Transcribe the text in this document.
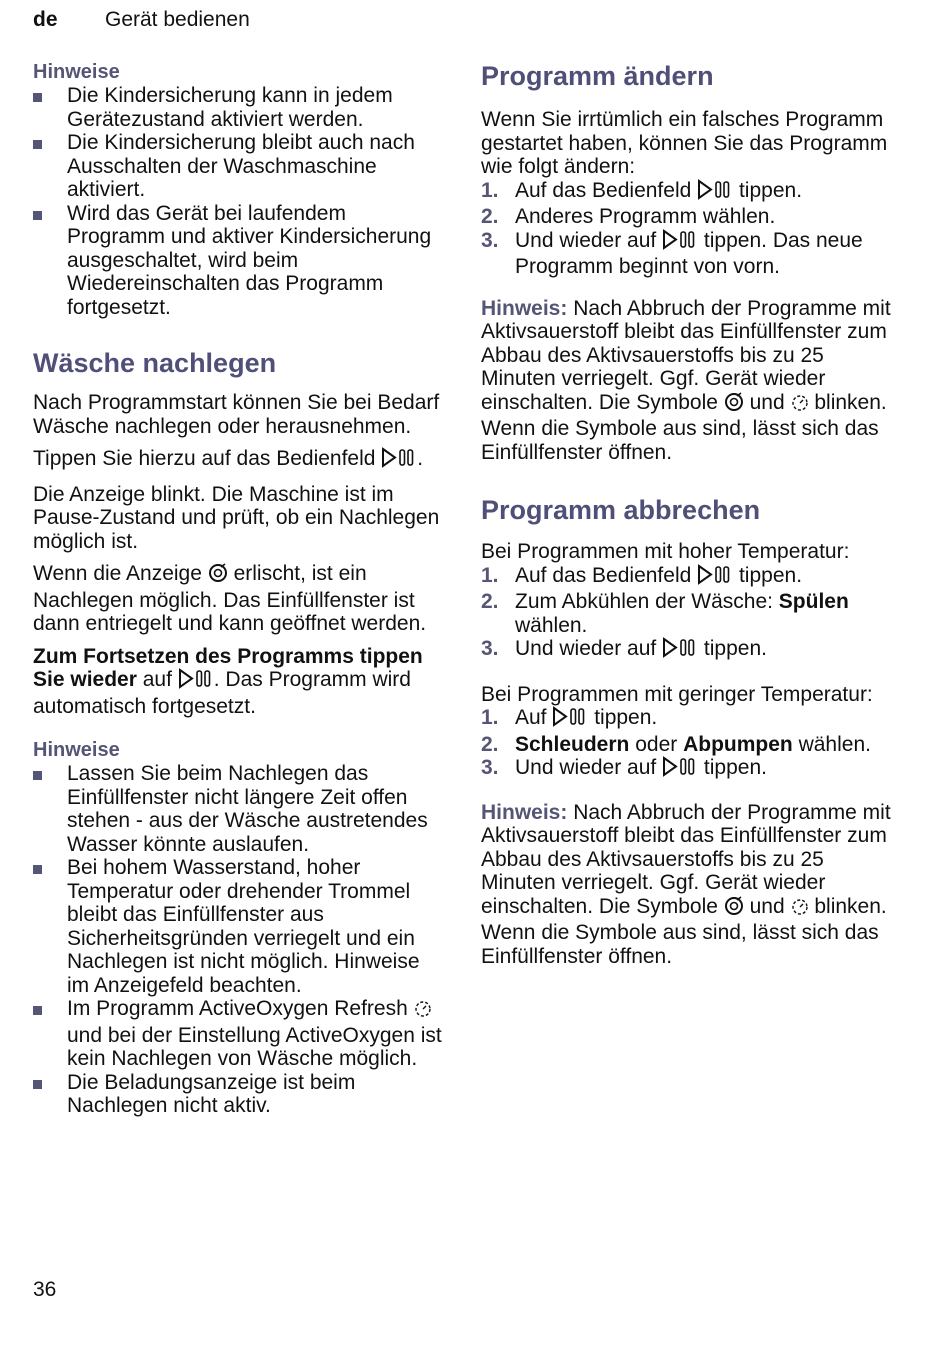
de Gerät bedienen
Hinweise
Die Kindersicherung kann in jedem Gerätezustand aktiviert werden.
Die Kindersicherung bleibt auch nach Ausschalten der Waschmaschine aktiviert.
Wird das Gerät bei laufendem Programm und aktiver Kindersicherung ausgeschaltet, wird beim Wiedereinschalten das Programm fortgesetzt.
Wäsche nachlegen

Nach Programmstart können Sie bei Bedarf Wäsche nachlegen oder herausnehmen.

Tippen Sie hierzu auf das Bedienfeld .

Die Anzeige blinkt. Die Maschine ist im Pause-Zustand und prüft, ob ein Nachlegen möglich ist.

Wenn die Anzeige  erlischt, ist ein Nachlegen möglich. Das Einfüllfenster ist dann entriegelt und kann geöffnet werden.

Zum Fortsetzen des Programms tippen Sie wieder auf . Das Programm wird automatisch fortgesetzt.

Hinweise
Lassen Sie beim Nachlegen das Einfüllfenster nicht längere Zeit offen stehen - aus der Wäsche austretendes Wasser könnte auslaufen.
Bei hohem Wasserstand, hoher Temperatur oder drehender Trommel bleibt das Einfüllfenster aus Sicherheitsgründen verriegelt und ein Nachlegen ist nicht möglich. Hinweise im Anzeigefeld beachten.
Im Programm ActiveOxygen Refresh  und bei der Einstellung ActiveOxygen ist kein Nachlegen von Wäsche möglich.
Die Beladungsanzeige ist beim Nachlegen nicht aktiv.
Programm ändern

Wenn Sie irrtümlich ein falsches Programm gestartet haben, können Sie das Programm wie folgt ändern:

1. Auf das Bedienfeld  tippen.
2. Anderes Programm wählen.
3. Und wieder auf  tippen. Das neue Programm beginnt von vorn.

Hinweis: Nach Abbruch der Programme mit Aktivsauerstoff bleibt das Einfüllfenster zum Abbau des Aktivsauerstoffs bis zu 25 Minuten verriegelt. Ggf. Gerät wieder einschalten. Die Symbole  und  blinken. Wenn die Symbole aus sind, lässt sich das Einfüllfenster öffnen.

Programm abbrechen

Bei Programmen mit hoher Temperatur:

1. Auf das Bedienfeld  tippen.
2. Zum Abkühlen der Wäsche: Spülen wählen.
3. Und wieder auf  tippen.

Bei Programmen mit geringer Temperatur:

1. Auf  tippen.
2. Schleudern oder Abpumpen wählen.
3. Und wieder auf  tippen.

Hinweis: Nach Abbruch der Programme mit Aktivsauerstoff bleibt das Einfüllfenster zum Abbau des Aktivsauerstoffs bis zu 25 Minuten verriegelt. Ggf. Gerät wieder einschalten. Die Symbole  und  blinken. Wenn die Symbole aus sind, lässt sich das Einfüllfenster öffnen.

36
